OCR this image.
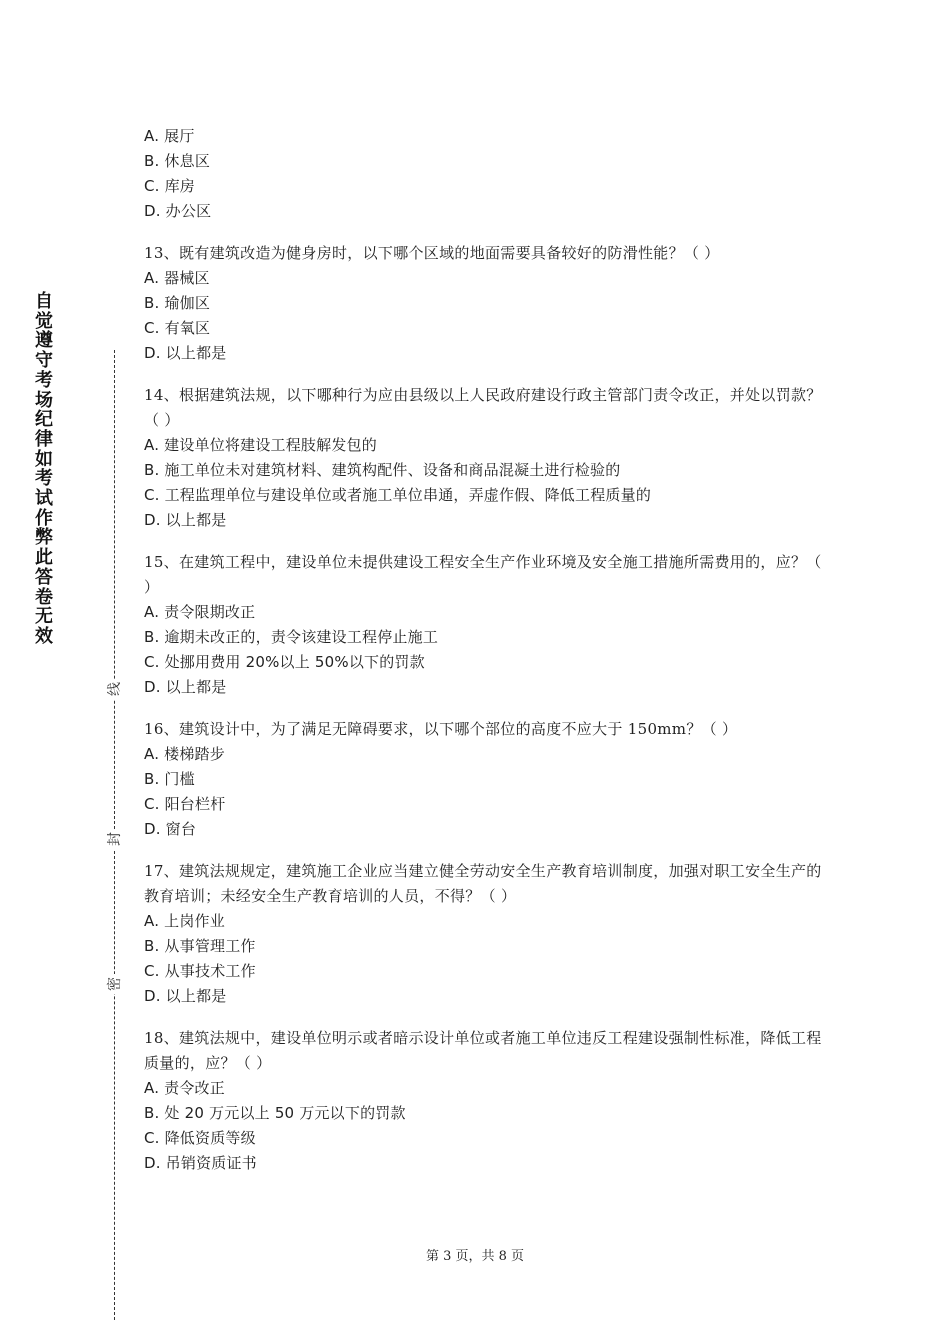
自觉遵守考场纪律如考试作弊此答卷无效
线
封
密
A. 展厅
B. 休息区
C. 库房
D. 办公区
13、既有建筑改造为健身房时，以下哪个区域的地面需要具备较好的防滑性能？（ ）
A. 器械区
B. 瑜伽区
C. 有氧区
D. 以上都是
14、根据建筑法规，以下哪种行为应由县级以上人民政府建设行政主管部门责令改正，并处以罚款？（ ）
A. 建设单位将建设工程肢解发包的
B. 施工单位未对建筑材料、建筑构配件、设备和商品混凝土进行检验的
C. 工程监理单位与建设单位或者施工单位串通，弄虚作假、降低工程质量的
D. 以上都是
15、在建筑工程中，建设单位未提供建设工程安全生产作业环境及安全施工措施所需费用的，应？（ ）
A. 责令限期改正
B. 逾期未改正的，责令该建设工程停止施工
C. 处挪用费用 20%以上 50%以下的罚款
D. 以上都是
16、建筑设计中，为了满足无障碍要求，以下哪个部位的高度不应大于 150mm？（ ）
A. 楼梯踏步
B. 门槛
C. 阳台栏杆
D. 窗台
17、建筑法规规定，建筑施工企业应当建立健全劳动安全生产教育培训制度，加强对职工安全生产的教育培训；未经安全生产教育培训的人员，不得？（ ）
A. 上岗作业
B. 从事管理工作
C. 从事技术工作
D. 以上都是
18、建筑法规中，建设单位明示或者暗示设计单位或者施工单位违反工程建设强制性标准，降低工程质量的，应？（ ）
A. 责令改正
B. 处 20 万元以上 50 万元以下的罚款
C. 降低资质等级
D. 吊销资质证书
第 3 页，共 8 页
